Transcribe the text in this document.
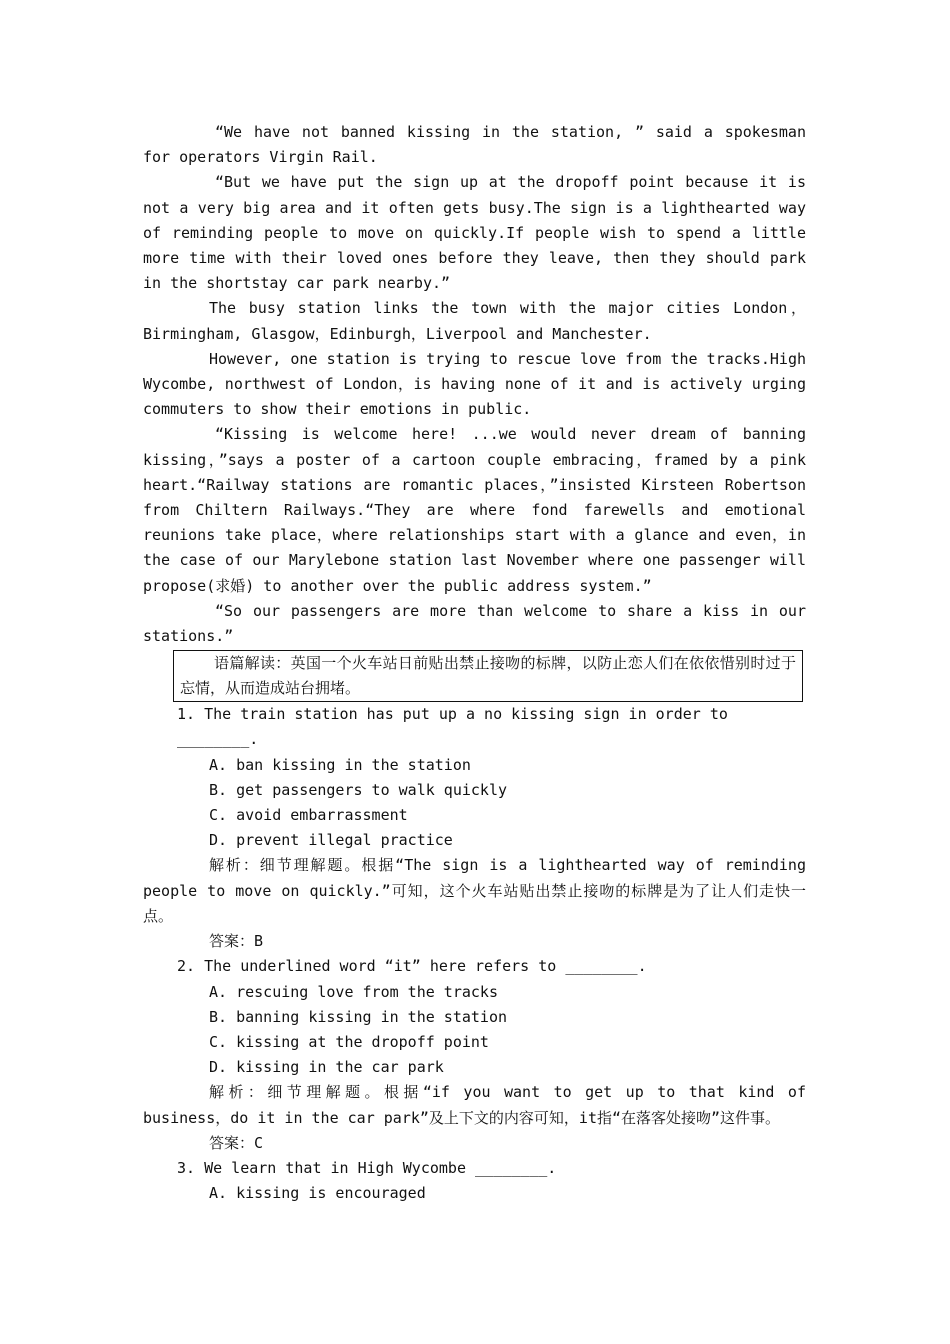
“We have not banned kissing in the station, ” said a spokesman for operators Virgin Rail.

“But we have put the sign up at the dropoff point because it is not a very big area and it often gets busy.The sign is a lighthearted way of reminding people to move on quickly.If people wish to spend a little more time with their loved ones before they leave, then they should park in the shortstay car park nearby.”

The busy station links the town with the major cities London，Birmingham, Glasgow，Edinburgh，Liverpool and Manchester.

However, one station is trying to rescue love from the tracks.High Wycombe, northwest of London，is having none of it and is actively urging commuters to show their emotions in public.

“Kissing is welcome here! ...we would never dream of banning kissing，”says a poster of a cartoon couple embracing，framed by a pink heart.“Railway stations are romantic places，”insisted Kirsteen Robertson from Chiltern Railways.“They are where fond farewells and emotional reunions take place，where relationships start with a glance and even，in the case of our Marylebone station last November where one passenger will propose(求婚) to another over the public address system.”

“So our passengers are more than welcome to share a kiss in our stations.”

语篇解读：英国一个火车站日前贴出禁止接吻的标牌，以防止恋人们在依依惜别时过于忘情，从而造成站台拥堵。

1. The train station has put up a no kissing sign in order to ________.

A. ban kissing in the station

B. get passengers to walk quickly

C. avoid embarrassment

D. prevent illegal practice

解析：细节理解题。根据“The sign is a lighthearted way of reminding people to move on quickly.”可知，这个火车站贴出禁止接吻的标牌是为了让人们走快一 点。

答案：B

2. The underlined word “it” here refers to ________.

A. rescuing love from the tracks

B. banning kissing in the station

C. kissing at the dropoff point

D. kissing in the car park

解析：细节理解题。根据“if you want to get up to that kind of business，do it in the car park”及上下文的内容可知，it指“在落客处接吻”这件事。

答案：C

3. We learn that in High Wycombe ________.

A. kissing is encouraged
